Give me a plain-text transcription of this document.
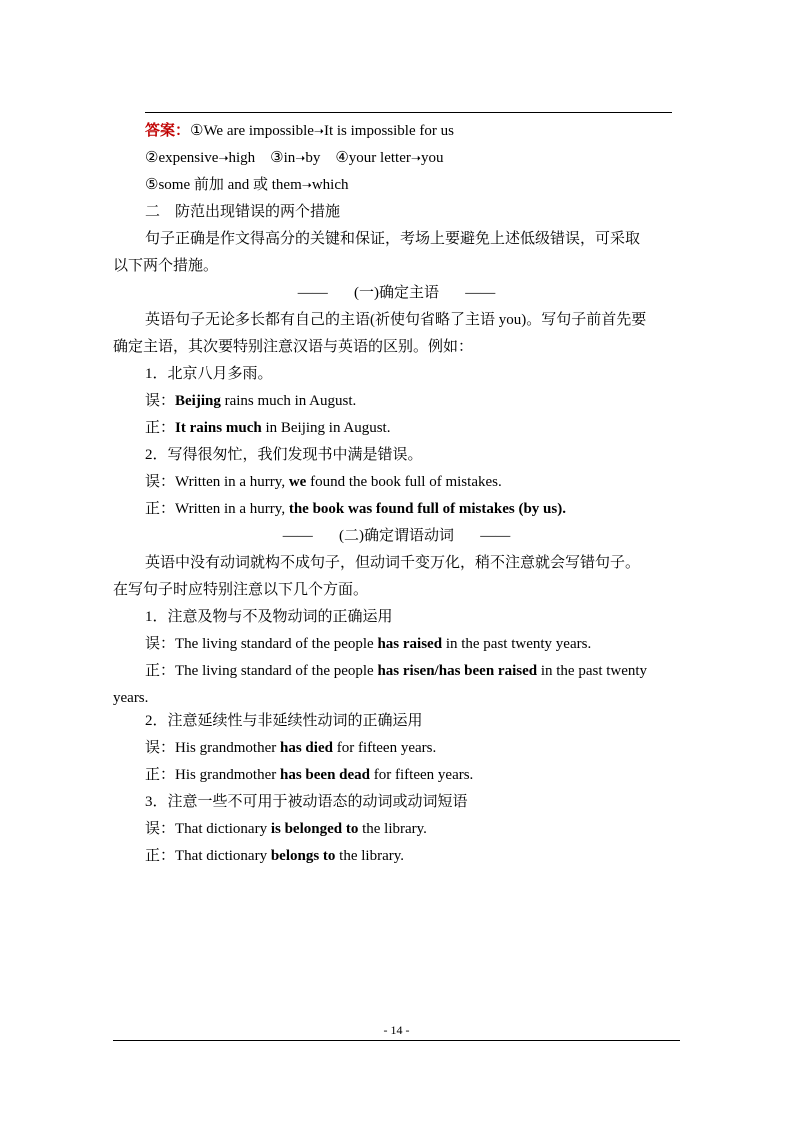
答案：①We are impossible➝It is impossible for us
②expensive➝high ③in➝by ④your letter➝you
⑤some 前加 and 或 them➝which
二　防范出现错误的两个措施
句子正确是作文得高分的关键和保证，考场上要避免上述低级错误，可采取
以下两个措施。
—— (一)确定主语 ——
英语句子无论多长都有自己的主语(祈使句省略了主语 you)。写句子前首先要
确定主语，其次要特别注意汉语与英语的区别。例如：
1．北京八月多雨。
误：Beijing rains much in August.
正：It rains much in Beijing in August.
2．写得很匆忙，我们发现书中满是错误。
误：Written in a hurry, we found the book full of mistakes.
正：Written in a hurry, the book was found full of mistakes (by us).
—— (二)确定谓语动词 ——
英语中没有动词就构不成句子，但动词千变万化，稍不注意就会写错句子。
在写句子时应特别注意以下几个方面。
1．注意及物与不及物动词的正确运用
误：The living standard of the people has raised in the past twenty years.
正：The living standard of the people has risen/has been raised in the past twenty
years.
2．注意延续性与非延续性动词的正确运用
误：His grandmother has died for fifteen years.
正：His grandmother has been dead for fifteen years.
3．注意一些不可用于被动语态的动词或动词短语
误：That dictionary is belonged to the library.
正：That dictionary belongs to the library.
- 14 -
